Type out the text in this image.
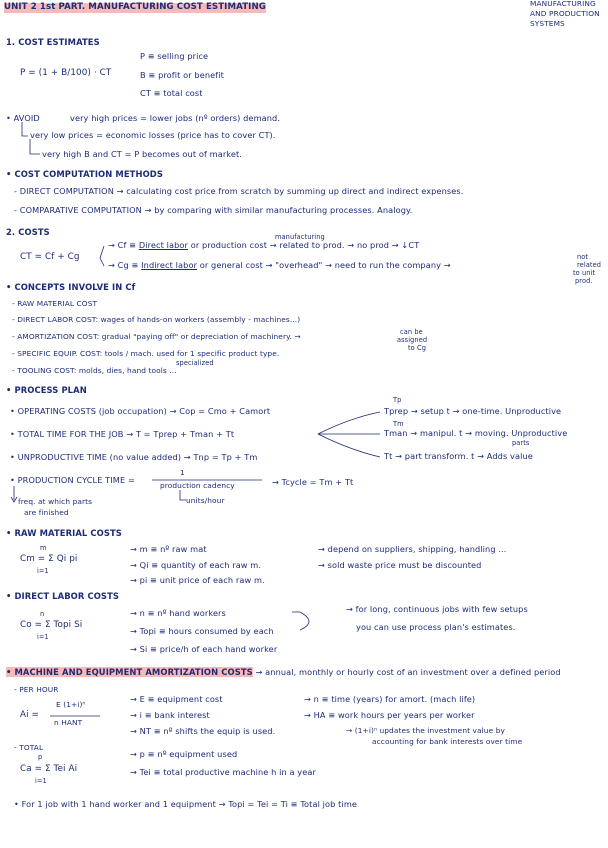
UNIT 2 1st PART. MANUFACTURING COST ESTIMATING	MANUFACTURING
AND PRODUCTION
SYSTEMS
1. COST ESTIMATES
P = (1 + B/100) · CT
P ≡ selling price
B ≡ profit or benefit
CT ≡ total cost
• AVOID	very high prices = lower jobs (nº orders) demand.
very low prices = economic losses (price has to cover CT).
very high B and CT = P becomes out of market.
• COST COMPUTATION METHODS
- DIRECT COMPUTATION → calculating cost price from scratch by summing up direct and indirect expenses.
- COMPARATIVE COMPUTATION → by comparing with similar manufacturing processes. Analogy.
2. COSTS
CT = Cf + Cg
manufacturing
→ Cf ≡ Direct labor or production cost → related to prod. → no prod → ↓CT
→ Cg ≡ Indirect labor or general cost → "overhead" → need to run the company →
not
related
to unit
prod.
• CONCEPTS INVOLVE IN Cf
- RAW MATERIAL COST
- DIRECT LABOR COST: wages of hands-on workers (assembly - machines...)
- AMORTIZATION COST: gradual "paying off" or depreciation of machinery. →	can be
assigned
to Cg
- SPECIFIC EQUIP. COST: tools / mach. used for 1 specific product type.
specialized
- TOOLING COST: molds, dies, hand tools ...
• PROCESS PLAN
• OPERATING COSTS (job occupation) → Cop = Cmo + Camort
• TOTAL TIME FOR THE JOB → T = Tprep + Tman + Tt
Tp
Tm
Tprep → setup t → one-time. Unproductive
Tman → manipul. t → moving. Unproductive
parts
Tt → part transform. t → Adds value
• UNPRODUCTIVE TIME (no value added) → Tnp = Tp + Tm
• PRODUCTION CYCLE TIME =
1
production cadency
units/hour
→ Tcycle = Tm + Tt
freq. at which parts
are finished
• RAW MATERIAL COSTS
m
Cm = Σ Qi pi
i=1
→ m ≡ nº raw mat
→ Qi ≡ quantity of each raw m.
→ pi ≡ unit price of each raw m.
→ depend on suppliers, shipping, handling ...
→ sold waste price must be discounted
• DIRECT LABOR COSTS
n
Co = Σ Topi Si
i=1
→ n ≡ nº hand workers
→ Topi ≡ hours consumed by each
→ Si ≡ price/h of each hand worker
→ for long, continuous jobs with few setups
you can use process plan's estimates.
• MACHINE AND EQUIPMENT AMORTIZATION COSTS → annual, monthly or hourly cost of an investment over a defined period
- PER HOUR
Ai =
E (1+i)ⁿ
n HANT
→ E ≡ equipment cost
→ i ≡ bank interest
→ NT ≡ nº shifts the equip is used.
→ n ≡ time (years) for amort. (mach life)
→ HA ≡ work hours per years per worker
→ (1+i)ⁿ updates the investment value by
accounting for bank interests over time
- TOTAL
p
Ca = Σ Tei Ai
i=1
→ p ≡ nº equipment used
→ Tei ≡ total productive machine h in a year
• For 1 job with 1 hand worker and 1 equipment → Topi = Tei = Ti ≡ Total job time
